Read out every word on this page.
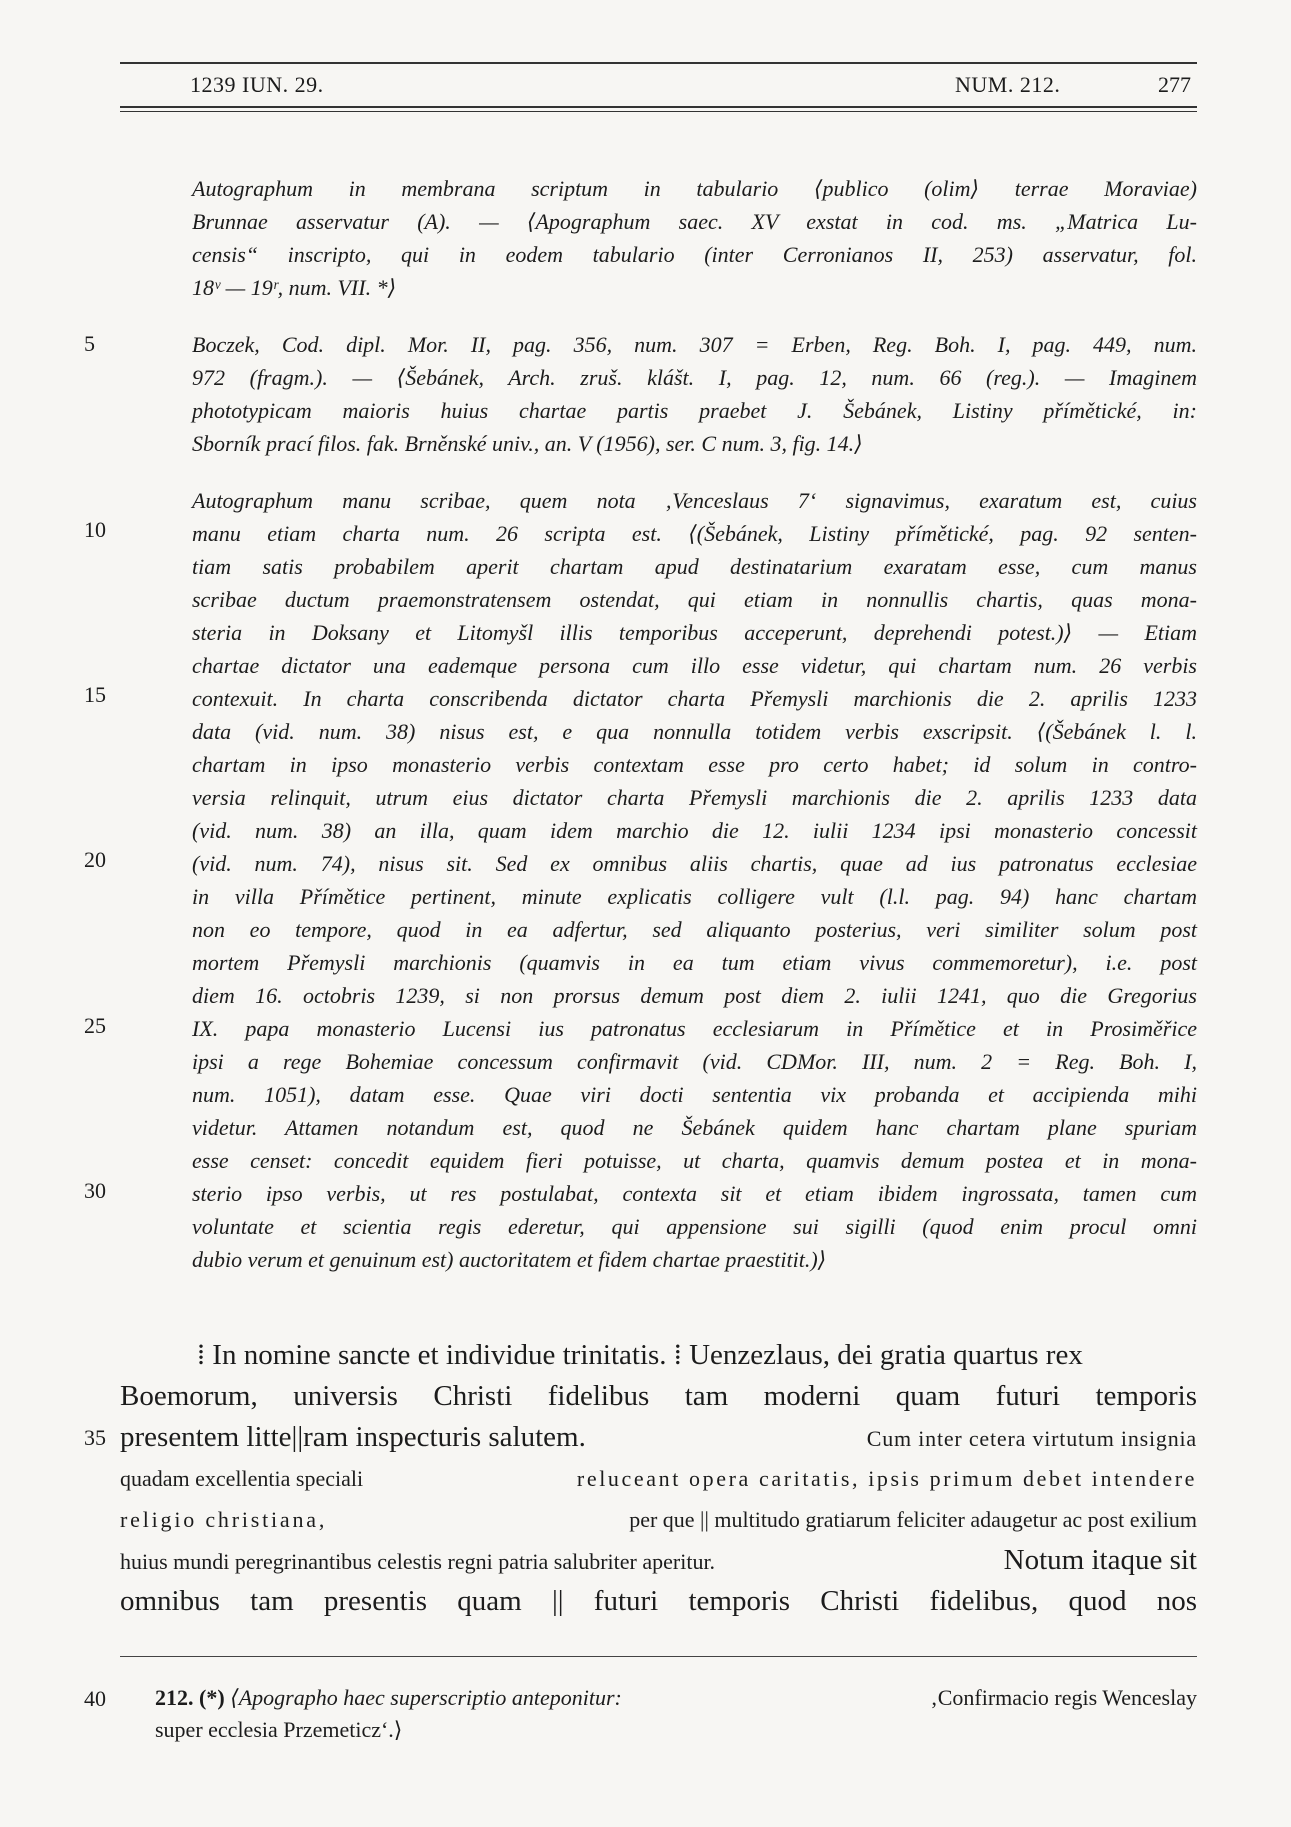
1239 IUN. 29.	NUM. 212.	277
Autographum in membrana scriptum in tabulario ⟨publico (olim⟩ terrae Moraviae)
Brunnae asservatur (A). — ⟨Apographum saec. XV exstat in cod. ms. „Matrica Lu-
censis“ inscripto, qui in eodem tabulario (inter Cerronianos II, 253) asservatur, fol.
18ᵛ — 19ʳ, num. VII. *⟩
Boczek, Cod. dipl. Mor. II, pag. 356, num. 307 = Erben, Reg. Boh. I, pag. 449, num.
972 (fragm.). — ⟨Šebánek, Arch. zruš. klášt. I, pag. 12, num. 66 (reg.). — Imaginem
phototypicam maioris huius chartae partis praebet J. Šebánek, Listiny přímětické, in:
Sborník prací filos. fak. Brněnské univ., an. V (1956), ser. C num. 3, fig. 14.⟩
Autographum manu scribae, quem nota ‚Venceslaus 7‘ signavimus, exaratum est, cuius
manu etiam charta num. 26 scripta est. ⟨(Šebánek, Listiny přímětické, pag. 92 senten-
tiam satis probabilem aperit chartam apud destinatarium exaratam esse, cum manus
scribae ductum praemonstratensem ostendat, qui etiam in nonnullis chartis, quas mona-
steria in Doksany et Litomyšl illis temporibus acceperunt, deprehendi potest.)⟩ — Etiam
chartae dictator una eademque persona cum illo esse videtur, qui chartam num. 26 verbis
contexuit. In charta conscribenda dictator charta Přemysli marchionis die 2. aprilis 1233
data (vid. num. 38) nisus est, e qua nonnulla totidem verbis exscripsit. ⟨(Šebánek l. l.
chartam in ipso monasterio verbis contextam esse pro certo habet; id solum in contro-
versia relinquit, utrum eius dictator charta Přemysli marchionis die 2. aprilis 1233 data
(vid. num. 38) an illa, quam idem marchio die 12. iulii 1234 ipsi monasterio concessit
(vid. num. 74), nisus sit. Sed ex omnibus aliis chartis, quae ad ius patronatus ecclesiae
in villa Přímětice pertinent, minute explicatis colligere vult (l.l. pag. 94) hanc chartam
non eo tempore, quod in ea adfertur, sed aliquanto posterius, veri similiter solum post
mortem Přemysli marchionis (quamvis in ea tum etiam vivus commemoretur), i.e. post
diem 16. octobris 1239, si non prorsus demum post diem 2. iulii 1241, quo die Gregorius
IX. papa monasterio Lucensi ius patronatus ecclesiarum in Přímětice et in Prosiměřice
ipsi a rege Bohemiae concessum confirmavit (vid. CDMor. III, num. 2 = Reg. Boh. I,
num. 1051), datam esse. Quae viri docti sententia vix probanda et accipienda mihi
videtur. Attamen notandum est, quod ne Šebánek quidem hanc chartam plane spuriam
esse censet: concedit equidem fieri potuisse, ut charta, quamvis demum postea et in mona-
sterio ipso verbis, ut res postulabat, contexta sit et etiam ibidem ingrossata, tamen cum
voluntate et scientia regis ederetur, qui appensione sui sigilli (quod enim procul omni
dubio verum et genuinum est) auctoritatem et fidem chartae praestitit.)⟩
5
10
15
20
25
30
35
40
⁞ In nomine sancte et individue trinitatis. ⁞ Uenzezlaus, dei gratia quartus rex
Boemorum, universis Christi fidelibus tam moderni quam futuri temporis
presentem litte||ram inspecturis salutem.	Cum inter cetera virtutum insignia
quadam excellentia speciali	reluceant opera caritatis, ipsis primum debet intendere
religio christiana,	per que || multitudo gratiarum feliciter adaugetur ac post exilium
huius mundi peregrinantibus celestis regni patria salubriter aperitur.	Notum itaque sit
omnibus tam presentis quam || futuri temporis Christi fidelibus, quod nos
212. (*) ⟨Apographo haec superscriptio anteponitur:	‚Confirmacio regis Wenceslay
super ecclesia Przemeticz‘.⟩
